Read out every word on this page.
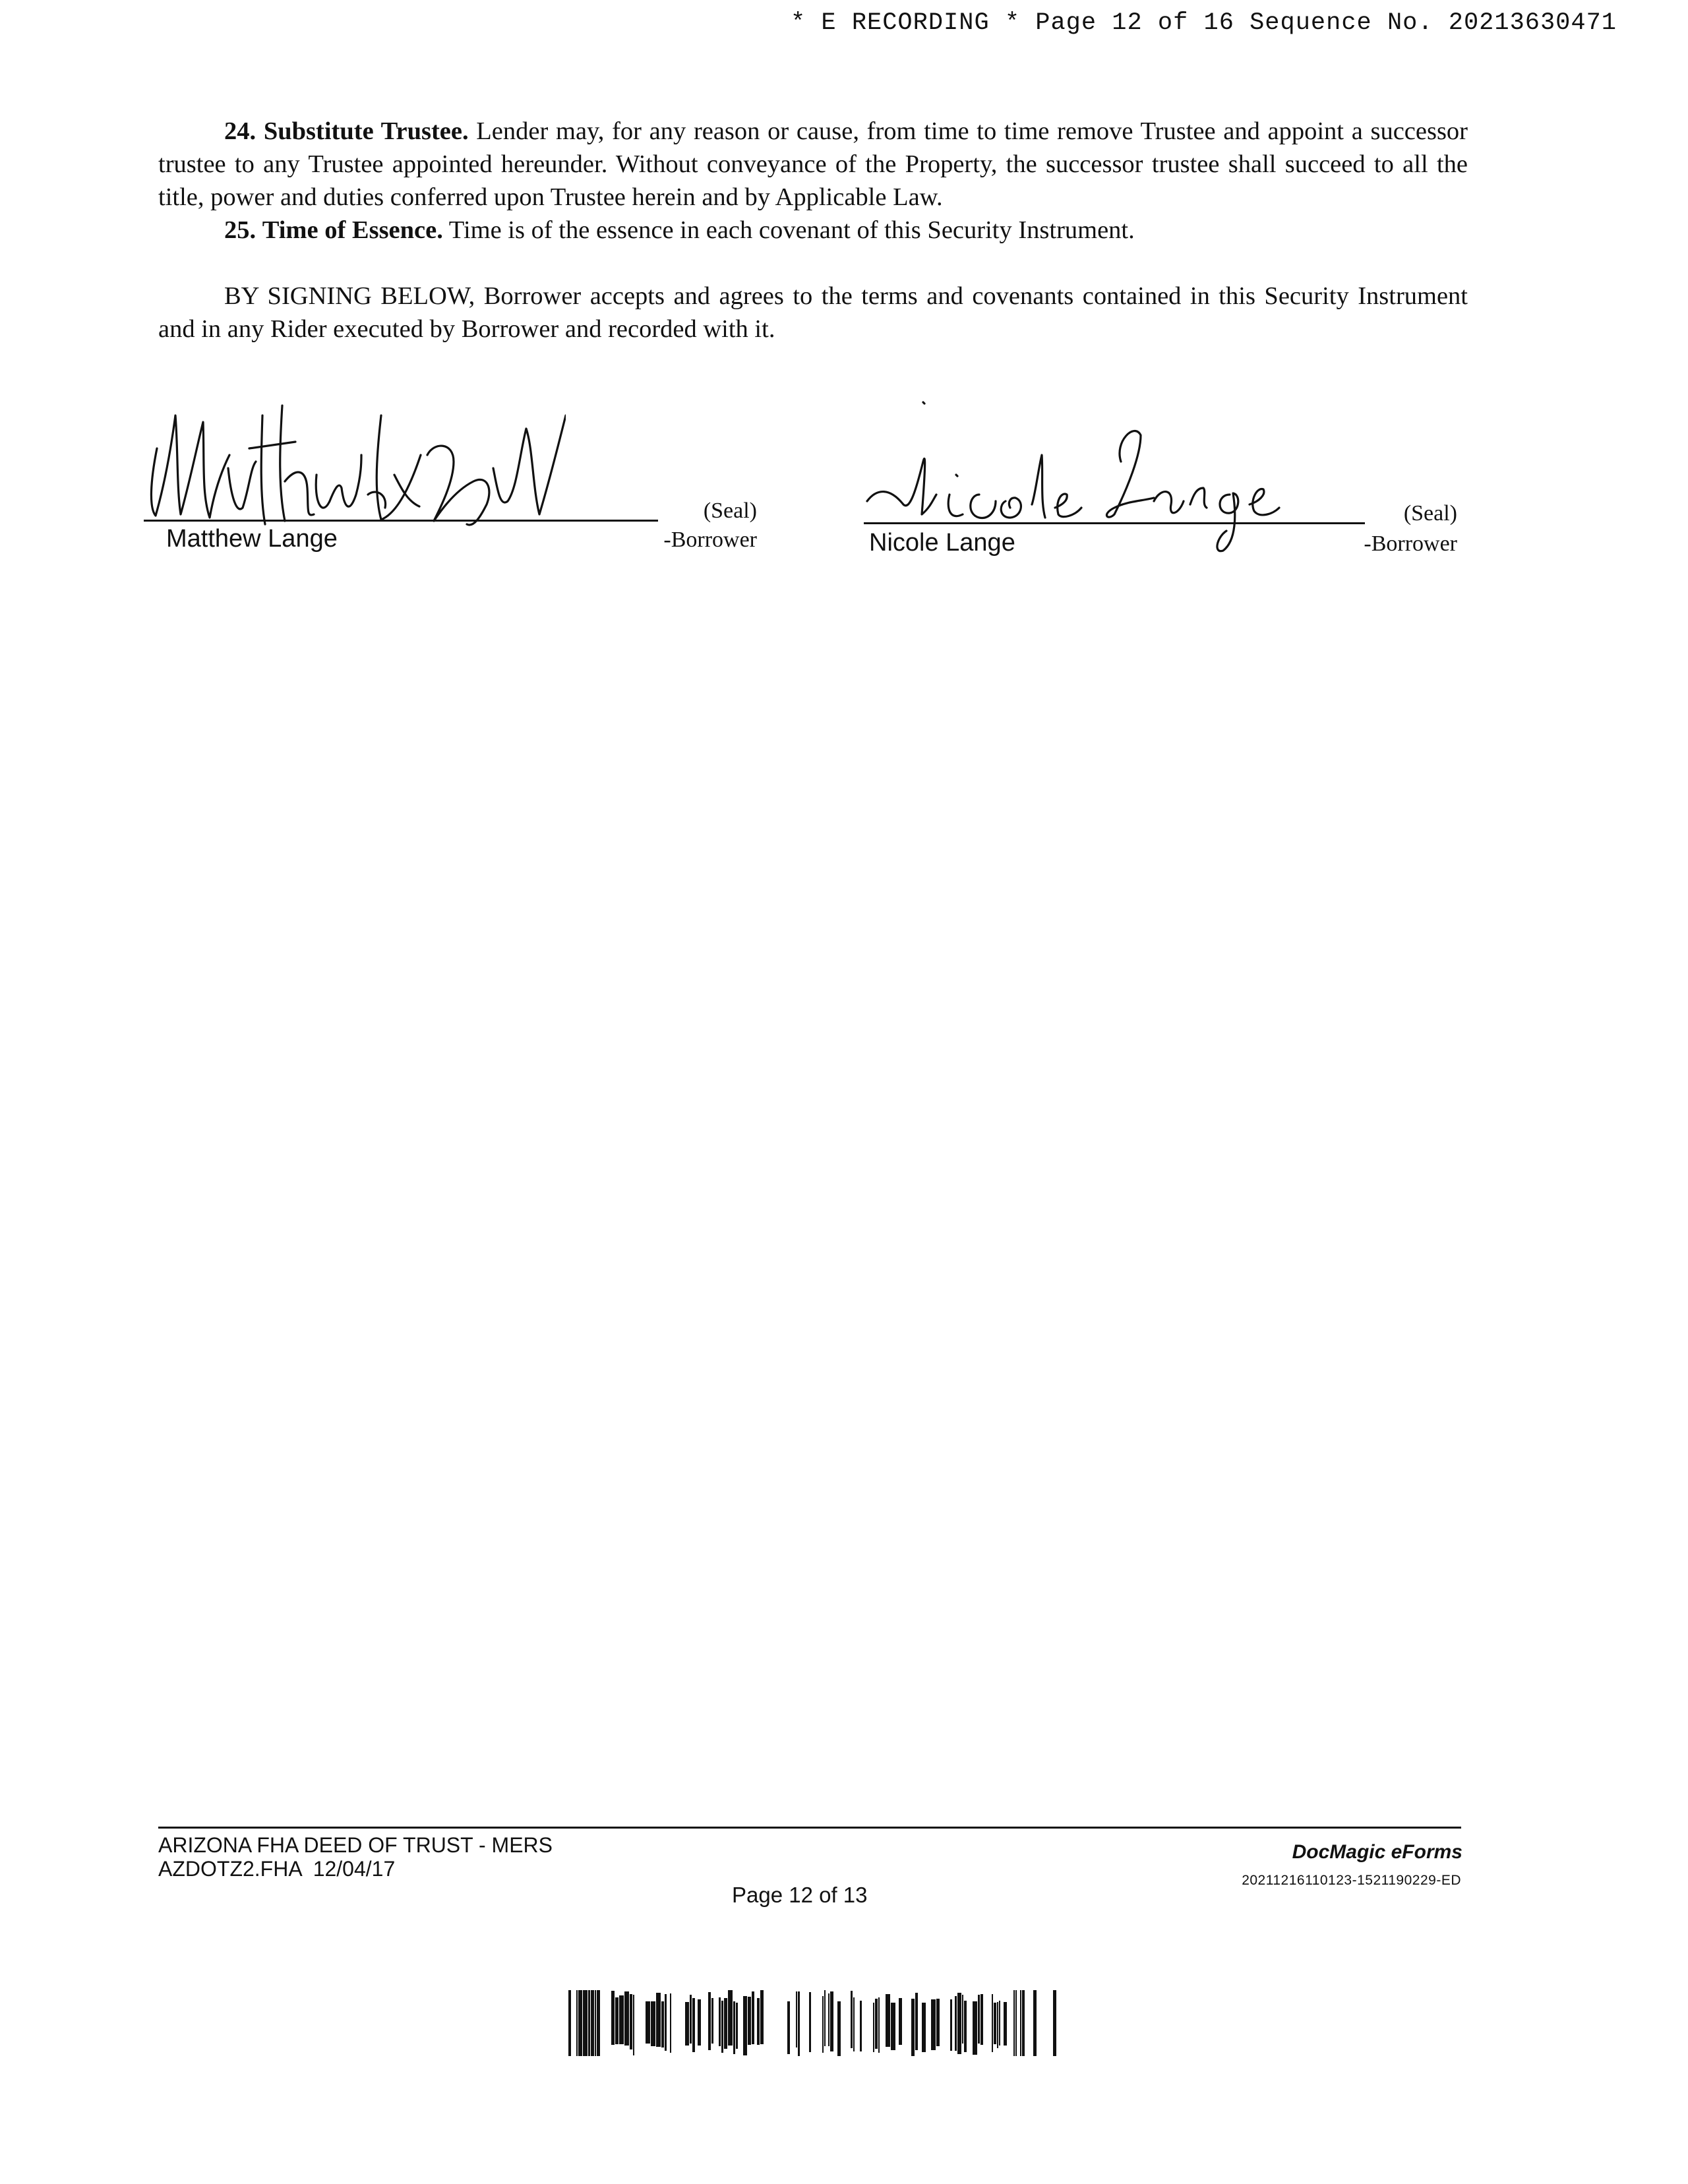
* E RECORDING * Page 12 of 16 Sequence No. 20213630471

24. Substitute Trustee. Lender may, for any reason or cause, from time to time remove Trustee and appoint a successor trustee to any Trustee appointed hereunder. Without conveyance of the Property, the successor trustee shall succeed to all the title, power and duties conferred upon Trustee herein and by Applicable Law.

25. Time of Essence. Time is of the essence in each covenant of this Security Instrument.

BY SIGNING BELOW, Borrower accepts and agrees to the terms and covenants contained in this Security Instrument and in any Rider executed by Borrower and recorded with it.

(Seal)
Matthew Lange	-Borrower
(Seal)
Nicole Lange	-Borrower
ARIZONA FHA DEED OF TRUST - MERS
AZDOTZ2.FHA  12/04/17
Page 12 of 13
DocMagic eForms
20211216110123-1521190229-ED
